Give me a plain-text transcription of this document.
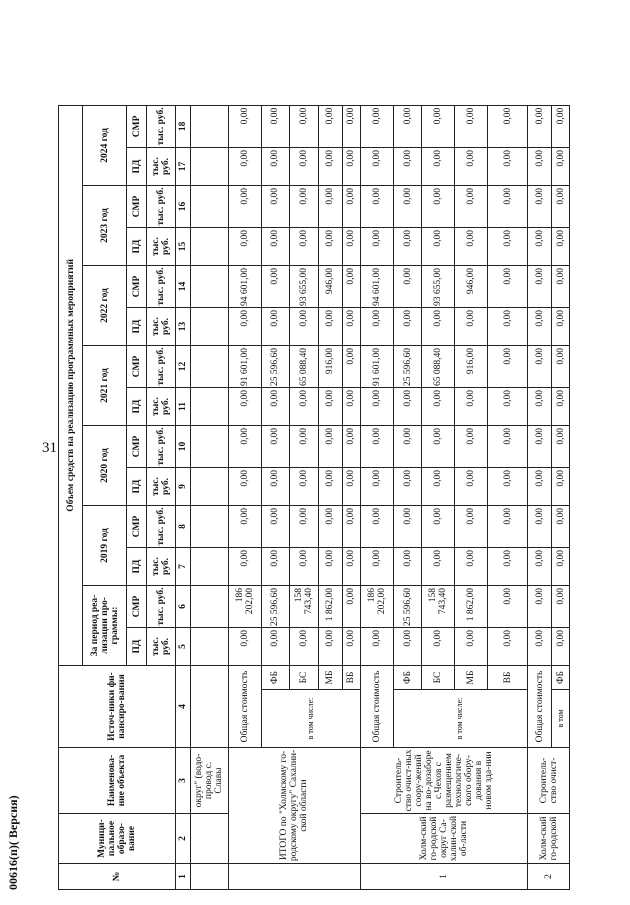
31
№	Муници-пальное образо-вание	Наименова-ние объекта	Источ-ники фи-нансиро-вания		Объем средств на реализацию программных мероприятий													
					За период реа-лизации про-граммы:		2019 год		2020 год		2021 год		2022 год		2023 год		2024 год	
					ПД	СМР	ПД	СМР	ПД	СМР	ПД	СМР	ПД	СМР	ПД	СМР	ПД	СМР
					тыс. руб.	тыс. руб.	тыс. руб.	тыс. руб.	тыс. руб.	тыс. руб.	тыс. руб.	тыс. руб.	тыс. руб.	тыс. руб.	тыс. руб.	тыс. руб.	тыс. руб.	тыс. руб.
1	2	3	4		5	6	7	8	9	10	11	12	13	14	15	16	17	18
		округ" (водо-провод с. Славы																
	ИТОГО по "Холмскому го-родскому округу" Сахалин-ской области		Общая стоимость		0,00	186 202,00	0,00	0,00	0,00	0,00	0,00	91 601,00	0,00	94 601,00	0,00	0,00	0,00	0,00
			в том числе:	ФБ	0,00	25 596,60	0,00	0,00	0,00	0,00	0,00	25 596,60	0,00	0,00	0,00	0,00	0,00	0,00
				БС	0,00	158 743,40	0,00	0,00	0,00	0,00	0,00	65 088,40	0,00	93 655,00	0,00	0,00	0,00	0,00
				МБ	0,00	1 862,00	0,00	0,00	0,00	0,00	0,00	916,00	0,00	946,00	0,00	0,00	0,00	0,00
				ВБ	0,00	0,00	0,00	0,00	0,00	0,00	0,00	0,00	0,00	0,00	0,00	0,00	0,00	0,00
1	Холм-ский го-родской округ Са-халин-ской об-ласти	Строитель-ство очист-ных соору-жений на во-дозаборе с.Чехов с размещением технологиче-ского обору-дования в новом зда-нии	Общая стоимость		0,00	186 202,00	0,00	0,00	0,00	0,00	0,00	91 601,00	0,00	94 601,00	0,00	0,00	0,00	0,00
			в том числе:	ФБ	0,00	25 596,60	0,00	0,00	0,00	0,00	0,00	25 596,60	0,00	0,00	0,00	0,00	0,00	0,00
				БС	0,00	158 743,40	0,00	0,00	0,00	0,00	0,00	65 088,40	0,00	93 655,00	0,00	0,00	0,00	0,00
				МБ	0,00	1 862,00	0,00	0,00	0,00	0,00	0,00	916,00	0,00	946,00	0,00	0,00	0,00	0,00
				ВБ	0,00	0,00	0,00	0,00	0,00	0,00	0,00	0,00	0,00	0,00	0,00	0,00	0,00	0,00
2	Холм-ский го-родской	Строитель-ство очист-	Общая стоимость		0,00	0,00	0,00	0,00	0,00	0,00	0,00	0,00	0,00	0,00	0,00	0,00	0,00	0,00
			в том	ФБ	0,00	0,00	0,00	0,00	0,00	0,00	0,00	0,00	0,00	0,00	0,00	0,00	0,00	0,00
00616(п)( Версия)
